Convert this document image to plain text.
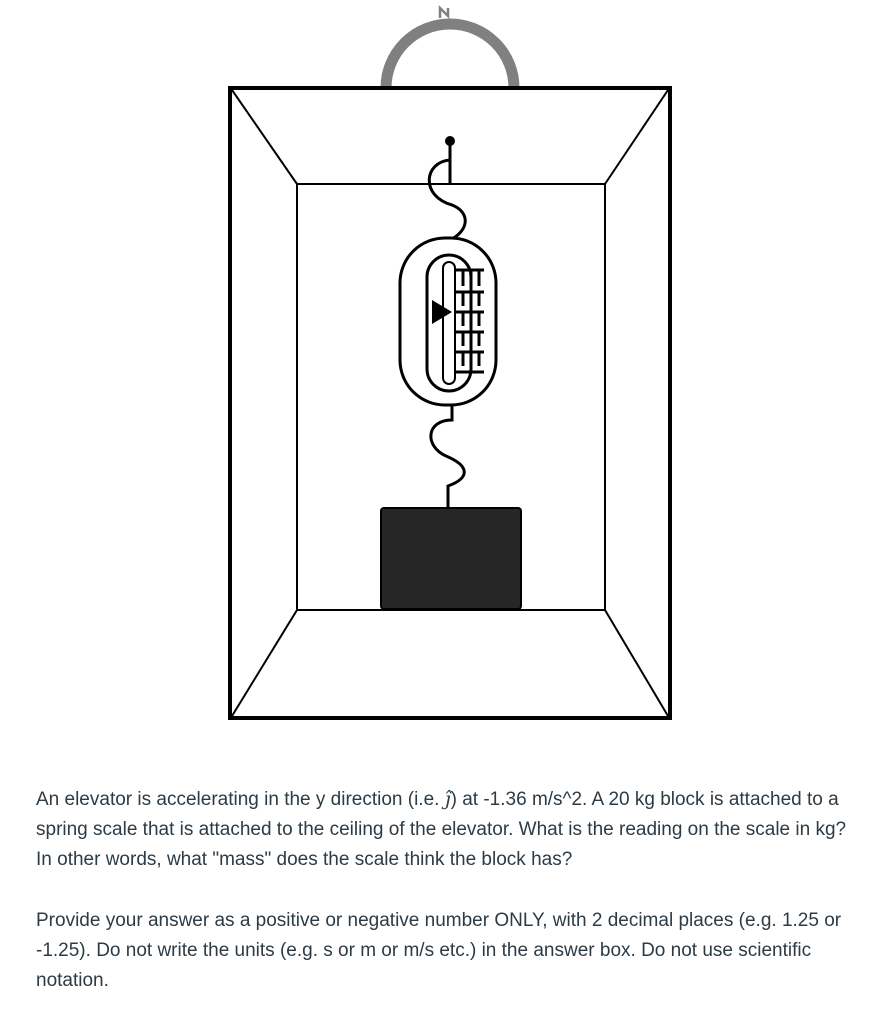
An elevator is accelerating in the y direction (i.e. ĵ) at -1.36 m/s^2. A 20 kg block is attached to a spring scale that is attached to the ceiling of the elevator. What is the reading on the scale in kg? In other words, what "mass" does the scale think the block has?

Provide your answer as a positive or negative number ONLY, with 2 decimal places (e.g. 1.25 or -1.25). Do not write the units (e.g. s or m or m/s etc.) in the answer box. Do not use scientific notation.
